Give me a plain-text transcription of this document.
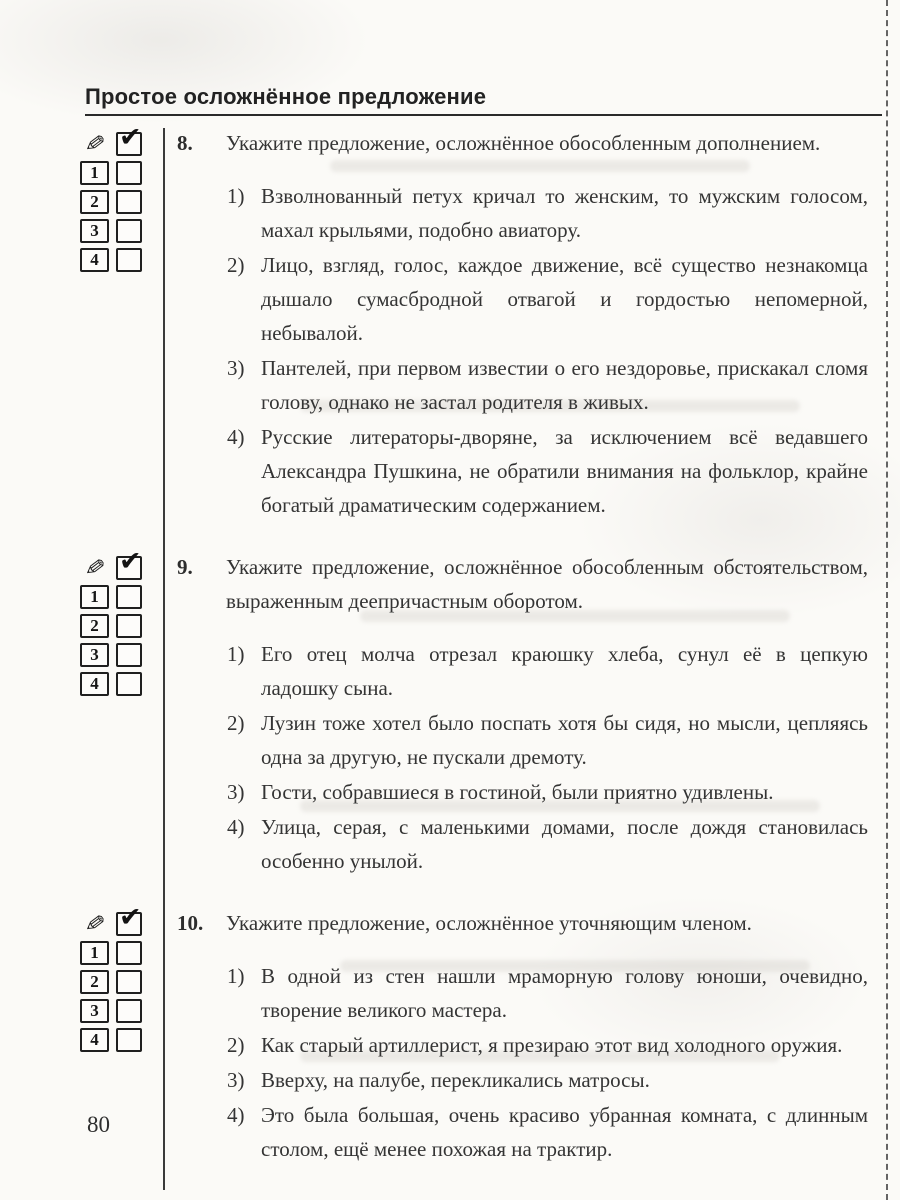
Простое осложнённое предложение
✎ ✔
1
2
3
4
8.	Укажите предложение, осложнённое обособленным дополнением.
1) Взволнованный петух кричал то женским, то мужским голосом, махал крыльями, подобно авиатору.
2) Лицо, взгляд, голос, каждое движение, всё существо незнакомца дышало сумасбродной отвагой и гордостью непомерной, небывалой.
3) Пантелей, при первом известии о его нездоровье, прискакал сломя голову, однако не застал родителя в живых.
4) Русские литераторы-дворяне, за исключением всё ведавшего Александра Пушкина, не обратили внимания на фольклор, крайне богатый драматическим содержанием.
✎ ✔
1
2
3
4
9.	Укажите предложение, осложнённое обособленным обстоятельством, выраженным деепричастным оборотом.
1) Его отец молча отрезал краюшку хлеба, сунул её в цепкую ладошку сына.
2) Лузин тоже хотел было поспать хотя бы сидя, но мысли, цепляясь одна за другую, не пускали дремоту.
3) Гости, собравшиеся в гостиной, были приятно удивлены.
4) Улица, серая, с маленькими домами, после дождя становилась особенно унылой.
✎ ✔
1
2
3
4
10.	Укажите предложение, осложнённое уточняющим членом.
1) В одной из стен нашли мраморную голову юноши, очевидно, творение великого мастера.
2) Как старый артиллерист, я презираю этот вид холодного оружия.
3) Вверху, на палубе, перекликались матросы.
4) Это была большая, очень красиво убранная комната, с длинным столом, ещё менее похожая на трактир.
80
